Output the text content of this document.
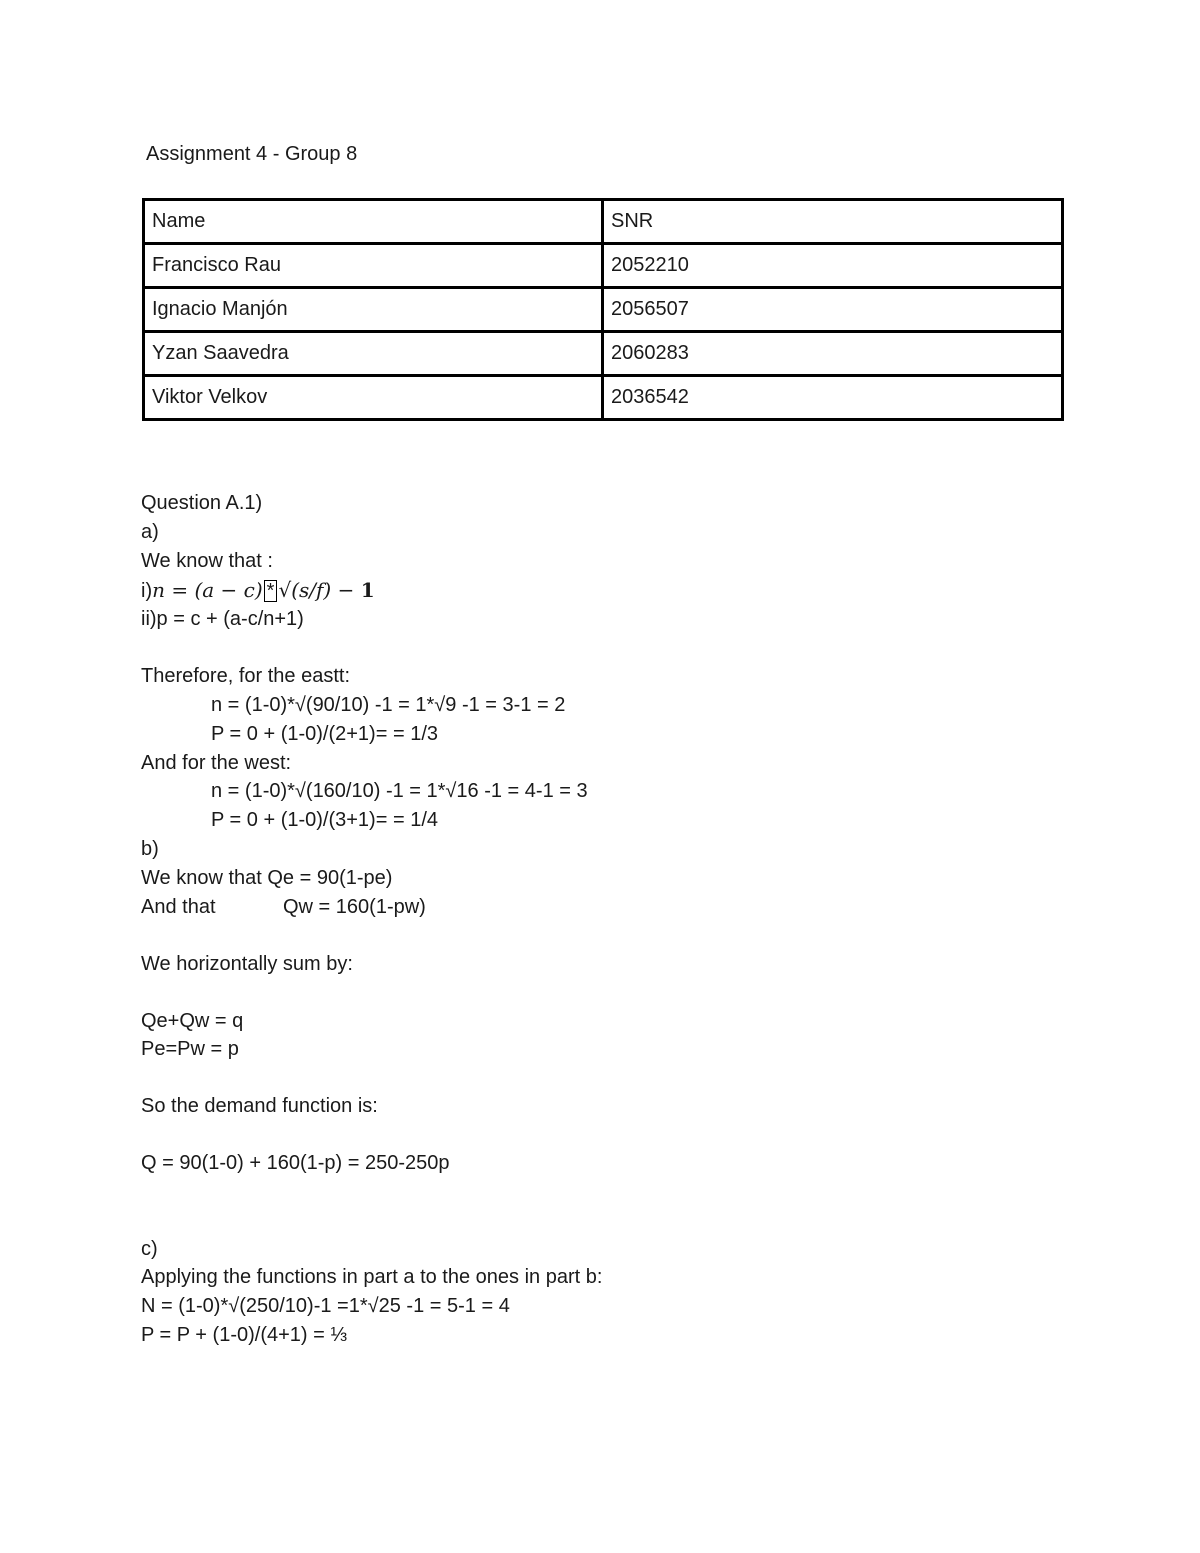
Assignment 4 - Group 8
Name	SNR
Francisco Rau	2052210
Ignacio Manjón	2056507
Yzan Saavedra	2060283
Viktor Velkov	2036542
Question A.1)
a)
We know that :
i)𝑛 = (𝑎 − 𝑐) * √(𝑠/𝑓) − 1
ii)p = c + (a-c/n+1)
Therefore, for the eastt:
n = (1-0)*√(90/10) -1 = 1*√9 -1 = 3-1 = 2
P = 0 + (1-0)/(2+1)= = 1/3
And for the west:
n = (1-0)*√(160/10) -1 = 1*√16 -1 = 4-1 = 3
P = 0 + (1-0)/(3+1)= = 1/4
b)
We know that Qe = 90(1-pe)
And that	Qw = 160(1-pw)
We horizontally sum by:
Qe+Qw = q
Pe=Pw = p
So the demand function is:
Q = 90(1-0) + 160(1-p) = 250-250p
c)
Applying the functions in part a to the ones in part b:
N = (1-0)*√(250/10)-1 =1*√25 -1 = 5-1 = 4
P = P + (1-0)/(4+1) = ⅓
